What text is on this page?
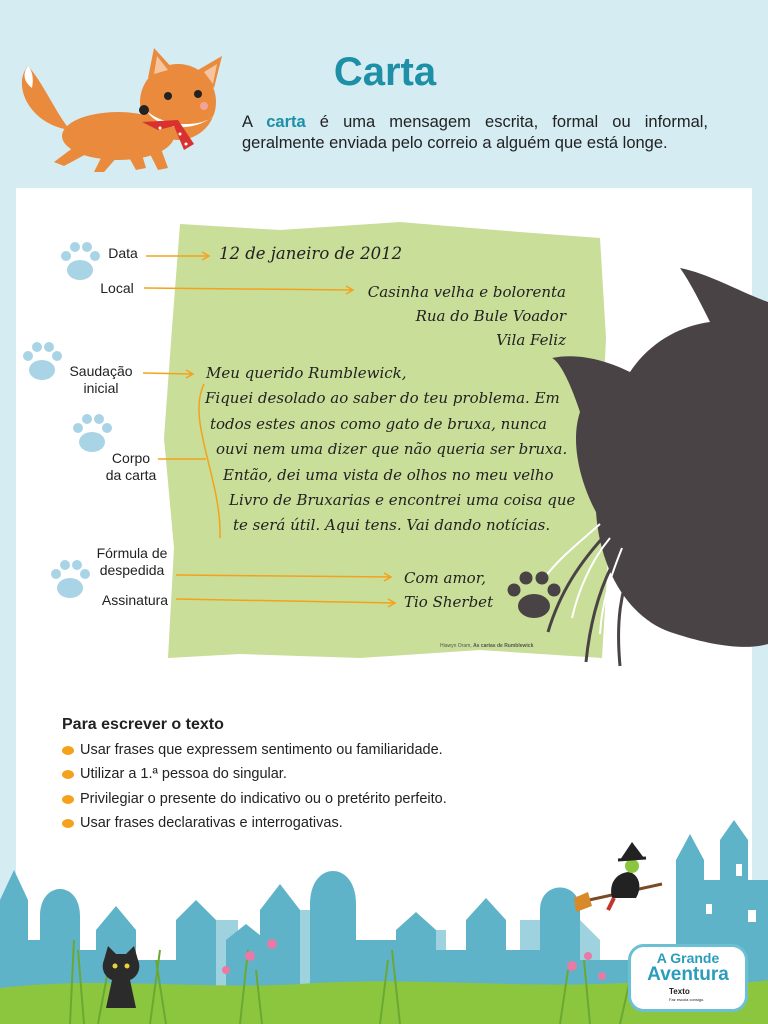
Carta
A carta é uma mensagem escrita, formal ou informal, geralmente enviada pelo correio a alguém que está longe.
Data
Local
Saudação
inicial
Corpo
da carta
Fórmula de
despedida
Assinatura
12 de janeiro de 2012
Casinha velha e bolorenta
Rua do Bule Voador
Vila Feliz
Meu querido Rumblewick,
Fiquei desolado ao saber do teu problema. Em
todos estes anos como gato de bruxa, nunca
ouvi nem uma dizer que não queria ser bruxa.
Então, dei uma vista de olhos no meu velho
Livro de Bruxarias e encontrei uma coisa que
te será útil. Aqui tens. Vai dando notícias.
Com amor,
Tio Sherbet
Hiawyn Oram, As cartas de Rumblewick
Para escrever o texto
Usar frases que expressem sentimento ou familiaridade.
Utilizar a 1.ª pessoa do singular.
Privilegiar o presente do indicativo ou o pretérito perfeito.
Usar frases declarativas e interrogativas.
A Grande
Aventura
Texto
Faz escola consigo.
